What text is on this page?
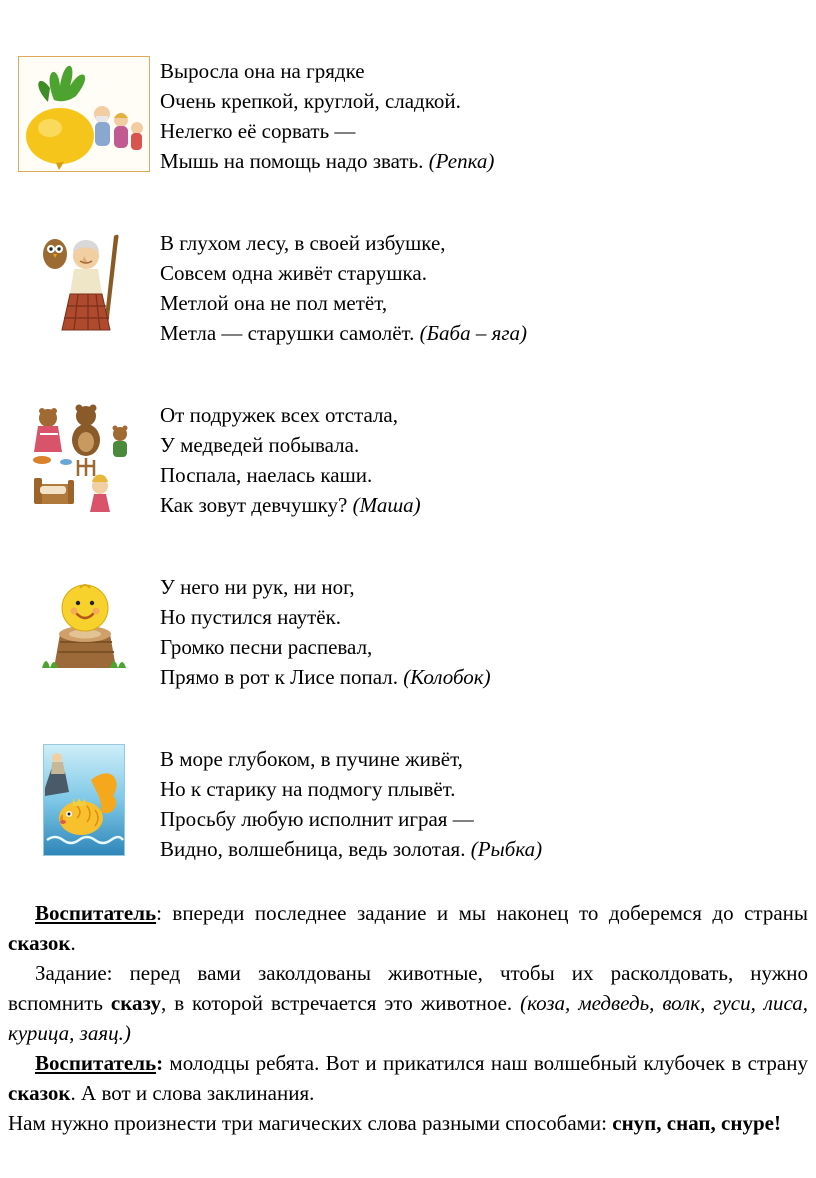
Выросла она на грядке
Очень крепкой, круглой, сладкой.
Нелегко её сорвать —
Мышь на помощь надо звать. (Репка)
В глухом лесу, в своей избушке,
Совсем одна живёт старушка.
Метлой она не пол метёт,
Метла — старушки самолёт. (Баба – яга)
От подружек всех отстала,
У медведей побывала.
Поспала, наелась каши.
Как зовут девчушку? (Маша)
У него ни рук, ни ног,
Но пустился наутёк.
Громко песни распевал,
Прямо в рот к Лисе попал. (Колобок)
В море глубоком, в пучине живёт,
Но к старику на подмогу плывёт.
Просьбу любую исполнит играя —
Видно, волшебница, ведь золотая. (Рыбка)

Воспитатель: впереди последнее задание и мы наконец то доберемся до страны сказок.

Задание: перед вами заколдованы животные, чтобы их расколдовать, нужно вспомнить сказу, в которой встречается это животное. (коза, медведь, волк, гуси, лиса, курица, заяц.)

Воспитатель: молодцы ребята. Вот и прикатился наш волшебный клубочек в страну сказок. А вот и слова заклинания.

Нам нужно произнести три магических слова разными способами: снуп, снап, снуре!
